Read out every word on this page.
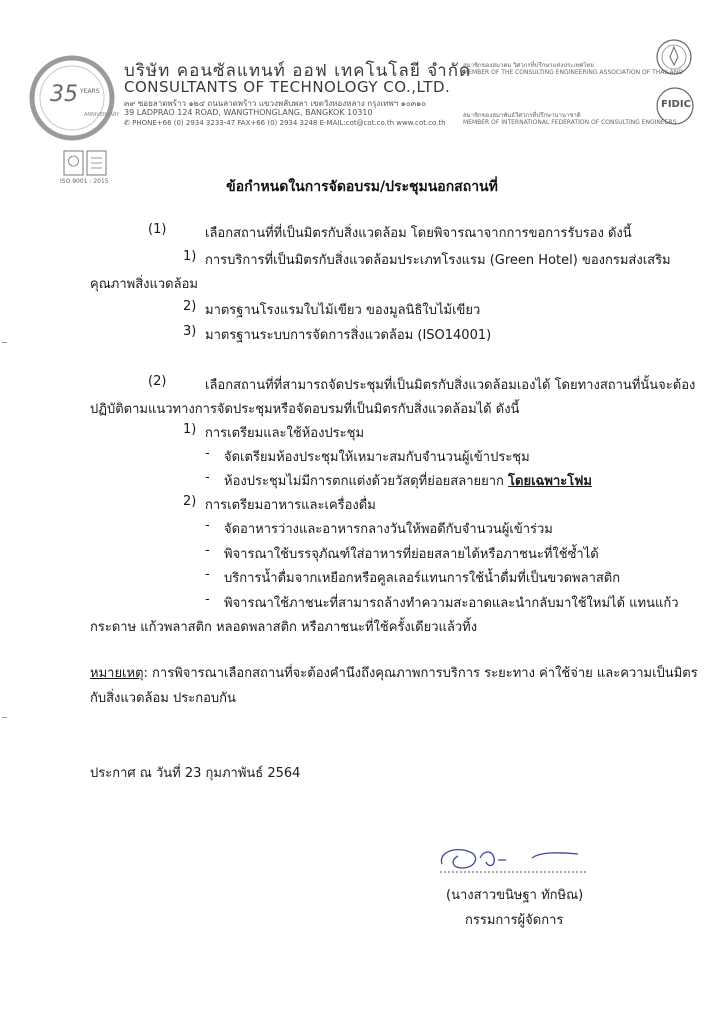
35 YEARS
ANNIVERSARY
บริษัท คอนซัลแทนท์ ออฟ เทคโนโลยี จำกัด
CONSULTANTS OF TECHNOLOGY CO.,LTD.
๓๙ ซอยลาดพร้าว ๑๒๔ ถนนลาดพร้าว แขวงพลับพลา เขตวังทองหลาง กรุงเทพฯ ๑๐๓๑๐
39 LADPRAO 124 ROAD, WANGTHONGLANG, BANGKOK 10310
✆ PHONE+66 (0) 2934 3233-47 FAX+66 (0) 2934 3248 E-MAIL:cot@cot.co.th www.cot.co.th
สมาชิกของสมาคม วิศวกรที่ปรึกษาแห่งประเทศไทย
MEMBER OF THE CONSULTING ENGINEERING ASSOCIATION OF THAILAND
สมาชิกของสมาพันธ์วิศวกรที่ปรึกษานานาชาติ
MEMBER OF INTERNATIONAL FEDERATION OF CONSULTING ENGINEERS
FIDIC
ISO 9001 : 2015	ข้อกำหนดในการจัดอบรม/ประชุมนอกสถานที่
(1)	เลือกสถานที่ที่เป็นมิตรกับสิ่งแวดล้อม โดยพิจารณาจากการขอการรับรอง ดังนี้
1) การบริการที่เป็นมิตรกับสิ่งแวดล้อมประเภทโรงแรม (Green Hotel) ของกรมส่งเสริม
คุณภาพสิ่งแวดล้อม
2) มาตรฐานโรงแรมใบไม้เขียว ของมูลนิธิใบไม้เขียว
3) มาตรฐานระบบการจัดการสิ่งแวดล้อม (ISO14001)
(2)	เลือกสถานที่ที่สามารถจัดประชุมที่เป็นมิตรกับสิ่งแวดล้อมเองได้ โดยทางสถานที่นั้นจะต้อง
ปฏิบัติตามแนวทางการจัดประชุมหรือจัดอบรมที่เป็นมิตรกับสิ่งแวดล้อมได้ ดังนี้
1) การเตรียมและใช้ห้องประชุม
- จัดเตรียมห้องประชุมให้เหมาะสมกับจำนวนผู้เข้าประชุม
- ห้องประชุมไม่มีการตกแต่งด้วยวัสดุที่ย่อยสลายยาก โดยเฉพาะโฟม
2) การเตรียมอาหารและเครื่องดื่ม
- จัดอาหารว่างและอาหารกลางวันให้พอดีกับจำนวนผู้เข้าร่วม
- พิจารณาใช้บรรจุภัณฑ์ใส่อาหารที่ย่อยสลายได้หรือภาชนะที่ใช้ซ้ำได้
- บริการน้ำดื่มจากเหยือกหรือคูลเลอร์แทนการใช้น้ำดื่มที่เป็นขวดพลาสติก
- พิจารณาใช้ภาชนะที่สามารถล้างทำความสะอาดและนำกลับมาใช้ใหม่ได้ แทนแก้ว
กระดาษ แก้วพลาสติก หลอดพลาสติก หรือภาชนะที่ใช้ครั้งเดียวแล้วทิ้ง
หมายเหตุ: การพิจารณาเลือกสถานที่จะต้องคำนึงถึงคุณภาพการบริการ ระยะทาง ค่าใช้จ่าย และความเป็นมิตร
กับสิ่งแวดล้อม ประกอบกัน
ประกาศ ณ วันที่ 23 กุมภาพันธ์ 2564
(นางสาวขนิษฐา ทักษิณ)
กรรมการผู้จัดการ
